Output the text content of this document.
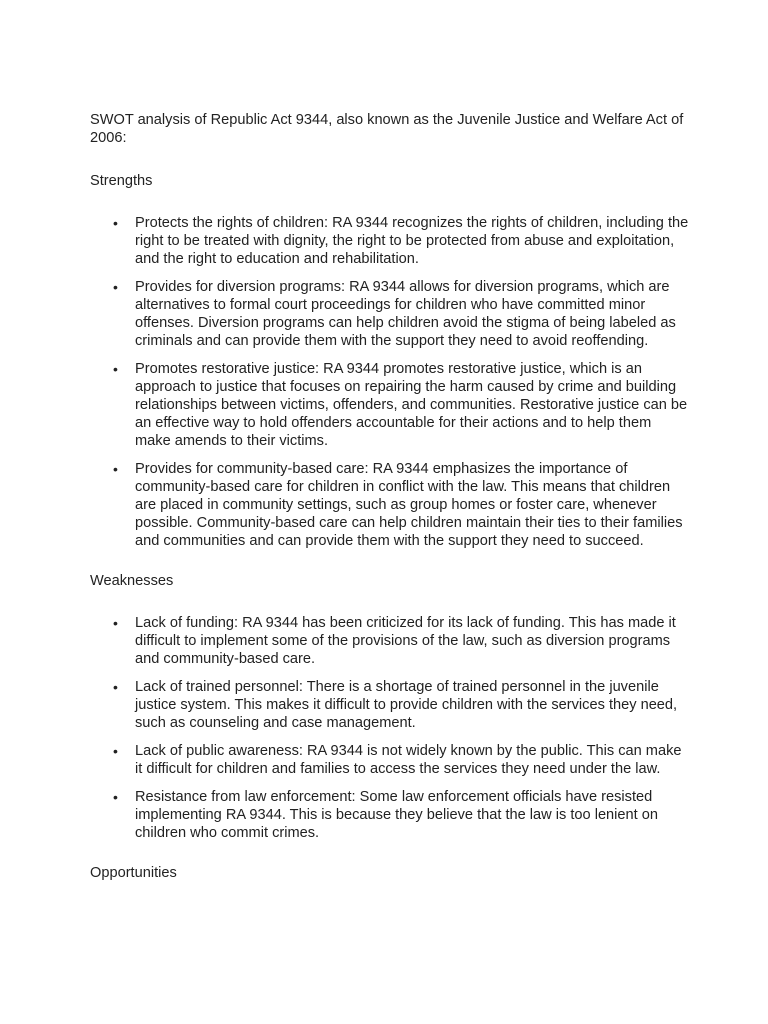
SWOT analysis of Republic Act 9344, also known as the Juvenile Justice and Welfare Act of 2006:

Strengths

• Protects the rights of children: RA 9344 recognizes the rights of children, including the right to be treated with dignity, the right to be protected from abuse and exploitation, and the right to education and rehabilitation.
• Provides for diversion programs: RA 9344 allows for diversion programs, which are alternatives to formal court proceedings for children who have committed minor offenses. Diversion programs can help children avoid the stigma of being labeled as criminals and can provide them with the support they need to avoid reoffending.
• Promotes restorative justice: RA 9344 promotes restorative justice, which is an approach to justice that focuses on repairing the harm caused by crime and building relationships between victims, offenders, and communities. Restorative justice can be an effective way to hold offenders accountable for their actions and to help them make amends to their victims.
• Provides for community-based care: RA 9344 emphasizes the importance of community-based care for children in conflict with the law. This means that children are placed in community settings, such as group homes or foster care, whenever possible. Community-based care can help children maintain their ties to their families and communities and can provide them with the support they need to succeed.

Weaknesses

• Lack of funding: RA 9344 has been criticized for its lack of funding. This has made it difficult to implement some of the provisions of the law, such as diversion programs and community-based care.
• Lack of trained personnel: There is a shortage of trained personnel in the juvenile justice system. This makes it difficult to provide children with the services they need, such as counseling and case management.
• Lack of public awareness: RA 9344 is not widely known by the public. This can make it difficult for children and families to access the services they need under the law.
• Resistance from law enforcement: Some law enforcement officials have resisted implementing RA 9344. This is because they believe that the law is too lenient on children who commit crimes.

Opportunities
